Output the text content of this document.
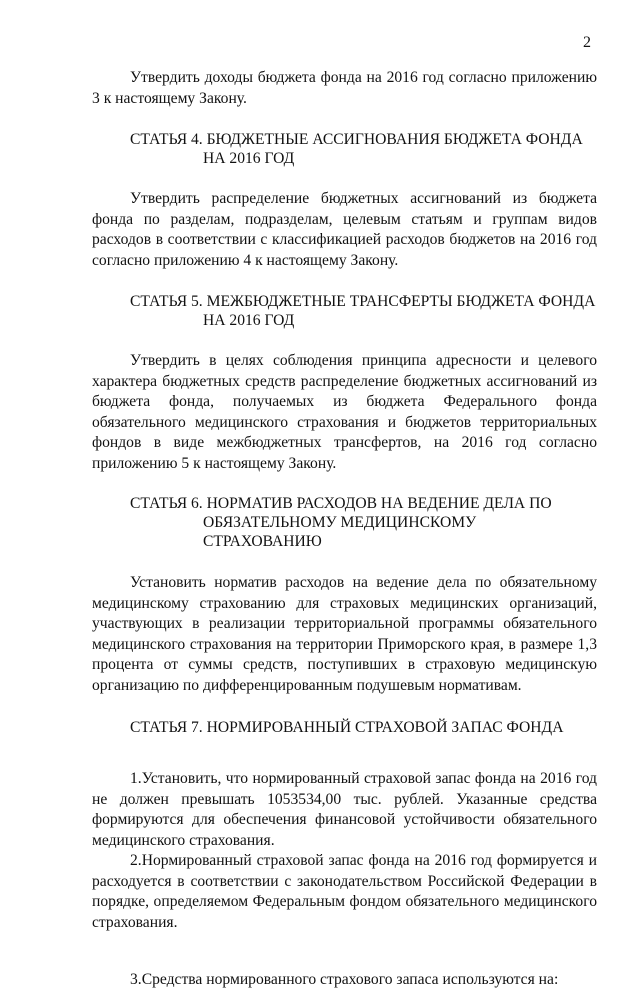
2

Утвердить доходы бюджета фонда на 2016 год согласно приложению 3 к настоящему Закону.

СТАТЬЯ 4. БЮДЖЕТНЫЕ АССИГНОВАНИЯ БЮДЖЕТА ФОНДА
НА 2016 ГОД

Утвердить распределение бюджетных ассигнований из бюджета фонда по разделам, подразделам, целевым статьям и группам видов расходов в соответствии с классификацией расходов бюджетов на 2016 год согласно приложению 4 к настоящему Закону.

СТАТЬЯ 5. МЕЖБЮДЖЕТНЫЕ ТРАНСФЕРТЫ БЮДЖЕТА ФОНДА
НА 2016 ГОД

Утвердить в целях соблюдения принципа адресности и целевого характера бюджетных средств распределение бюджетных ассигнований из бюджета фонда, получаемых из бюджета Федерального фонда обязательного медицинского страхования и бюджетов территориальных фондов в виде межбюджетных трансфертов, на 2016 год согласно приложению 5 к настоящему Закону.

СТАТЬЯ 6. НОРМАТИВ РАСХОДОВ НА ВЕДЕНИЕ ДЕЛА ПО
ОБЯЗАТЕЛЬНОМУ МЕДИЦИНСКОМУ
СТРАХОВАНИЮ

Установить норматив расходов на ведение дела по обязательному медицинскому страхованию для страховых медицинских организаций, участвующих в реализации территориальной программы обязательного медицинского страхования на территории Приморского края, в размере 1,3 процента от суммы средств, поступивших в страховую медицинскую организацию по дифференцированным подушевым нормативам.

СТАТЬЯ 7. НОРМИРОВАННЫЙ СТРАХОВОЙ ЗАПАС ФОНДА

1.Установить, что нормированный страховой запас фонда на 2016 год не должен превышать 1053534,00 тыс. рублей. Указанные средства формируются для обеспечения финансовой устойчивости обязательного медицинского страхования.

2.Нормированный страховой запас фонда на 2016 год формируется и расходуется в соответствии с законодательством Российской Федерации в порядке, определяемом Федеральным фондом обязательного медицинского страхования.

3.Средства нормированного страхового запаса используются на:
